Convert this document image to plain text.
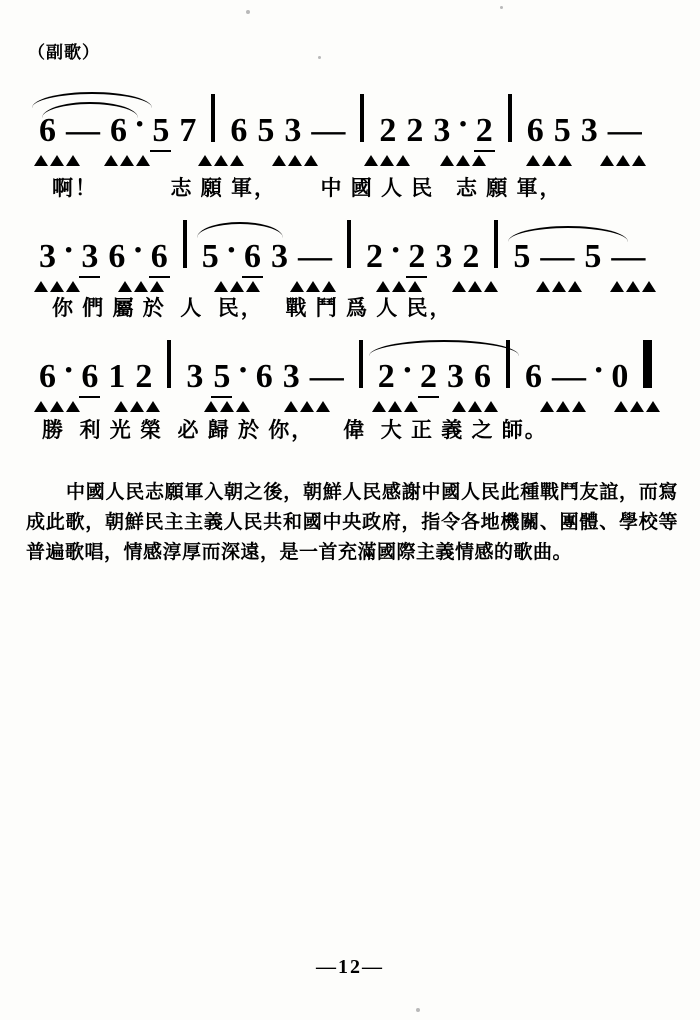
（副歌）
6 — 6 · 5 7 6 5 3 — 2 2 3 · 2 6 5 3 —
啊！          志 願 軍，      中 國 人 民   志 願 軍，
3 · 3 6 · 6 5 · 6 3 — 2 · 2 3 2 5 — 5 —
你 們 屬 於  人  民，   戰 鬥 爲 人 民，
6 · 6 1 2 3 5 · 6 3 — 2 · 2 3 6 6 — · 0
勝  利 光 榮  必 歸 於 你，    偉  大 正 義 之 師。
中國人民志願軍入朝之後，朝鮮人民感謝中國人民此種戰鬥友誼，而寫成此歌，朝鮮民主主義人民共和國中央政府，指令各地機關、團體、學校等普遍歌唱，情感淳厚而深遠，是一首充滿國際主義情感的歌曲。
—12—
